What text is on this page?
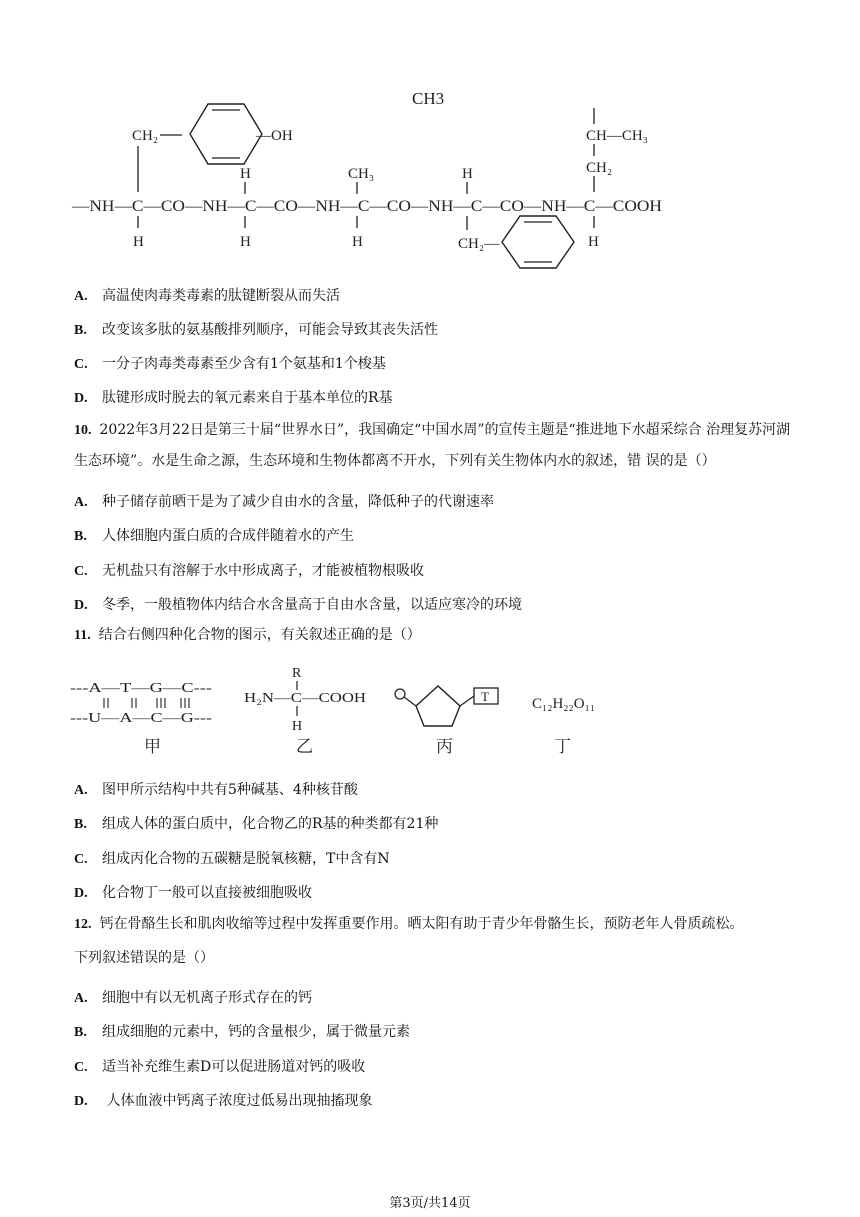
CH3
CH₂	—OH
H	CH₃	H
CH—CH₃
CH₂
—NH—C—CO—NH—C—CO—NH—C—CO—NH—C—CO—NH—C—COOH
H	H	H	CH₂—	H
A. 高温使肉毒类毒素的肽键断裂从而失活
B. 改变该多肽的氨基酸排列顺序，可能会导致其丧失活性
C. 一分子肉毒类毒素至少含有1个氨基和1个梭基
D. 肽键形成时脱去的氧元素来自于基本单位的R基
10. 2022年3月22日是第三十届“世界水日”，我国确定“中国水周”的宣传主题是“推进地下水超采综合 治理复苏河湖生态环境”。水是生命之源，生态环境和生物体都离不开水，下列有关生物体内水的叙述，错 误的是（）
A. 种子储存前晒干是为了减少自由水的含量，降低种子的代谢速率
B. 人体细胞内蛋白质的合成伴随着水的产生
C. 无机盐只有溶解于水中形成离子，才能被植物根吸收
D. 冬季，一般植物体内结合水含量高于自由水含量，以适应寒冷的环境
11. 结合右侧四种化合物的图示，有关叙述正确的是（）
---A—T—G—C---
---U—A—C—G---
甲
R
H₂N—C—COOH
H
乙
T
丙
C₁₂H₂₂O₁₁
丁
A. 图甲所示结构中共有5种碱基、4种核苷酸
B. 组成人体的蛋白质中，化合物乙的R基的种类都有21种
C. 组成丙化合物的五碳糖是脱氧核糖，T中含有N
D. 化合物丁一般可以直接被细胞吸收
12. 钙在骨酪生长和肌肉收缩等过程中发挥重要作用。晒太阳有助于青少年骨骼生长，预防老年人骨质疏松。
下列叙述错误的是（）
A. 细胞中有以无机离子形式存在的钙
B. 组成细胞的元素中，钙的含量根少，属于微量元素
C. 适当补充维生素D可以促进肠道对钙的吸收
D. 人体血液中钙离子浓度过低易出现抽搐现象
第3页/共14页
